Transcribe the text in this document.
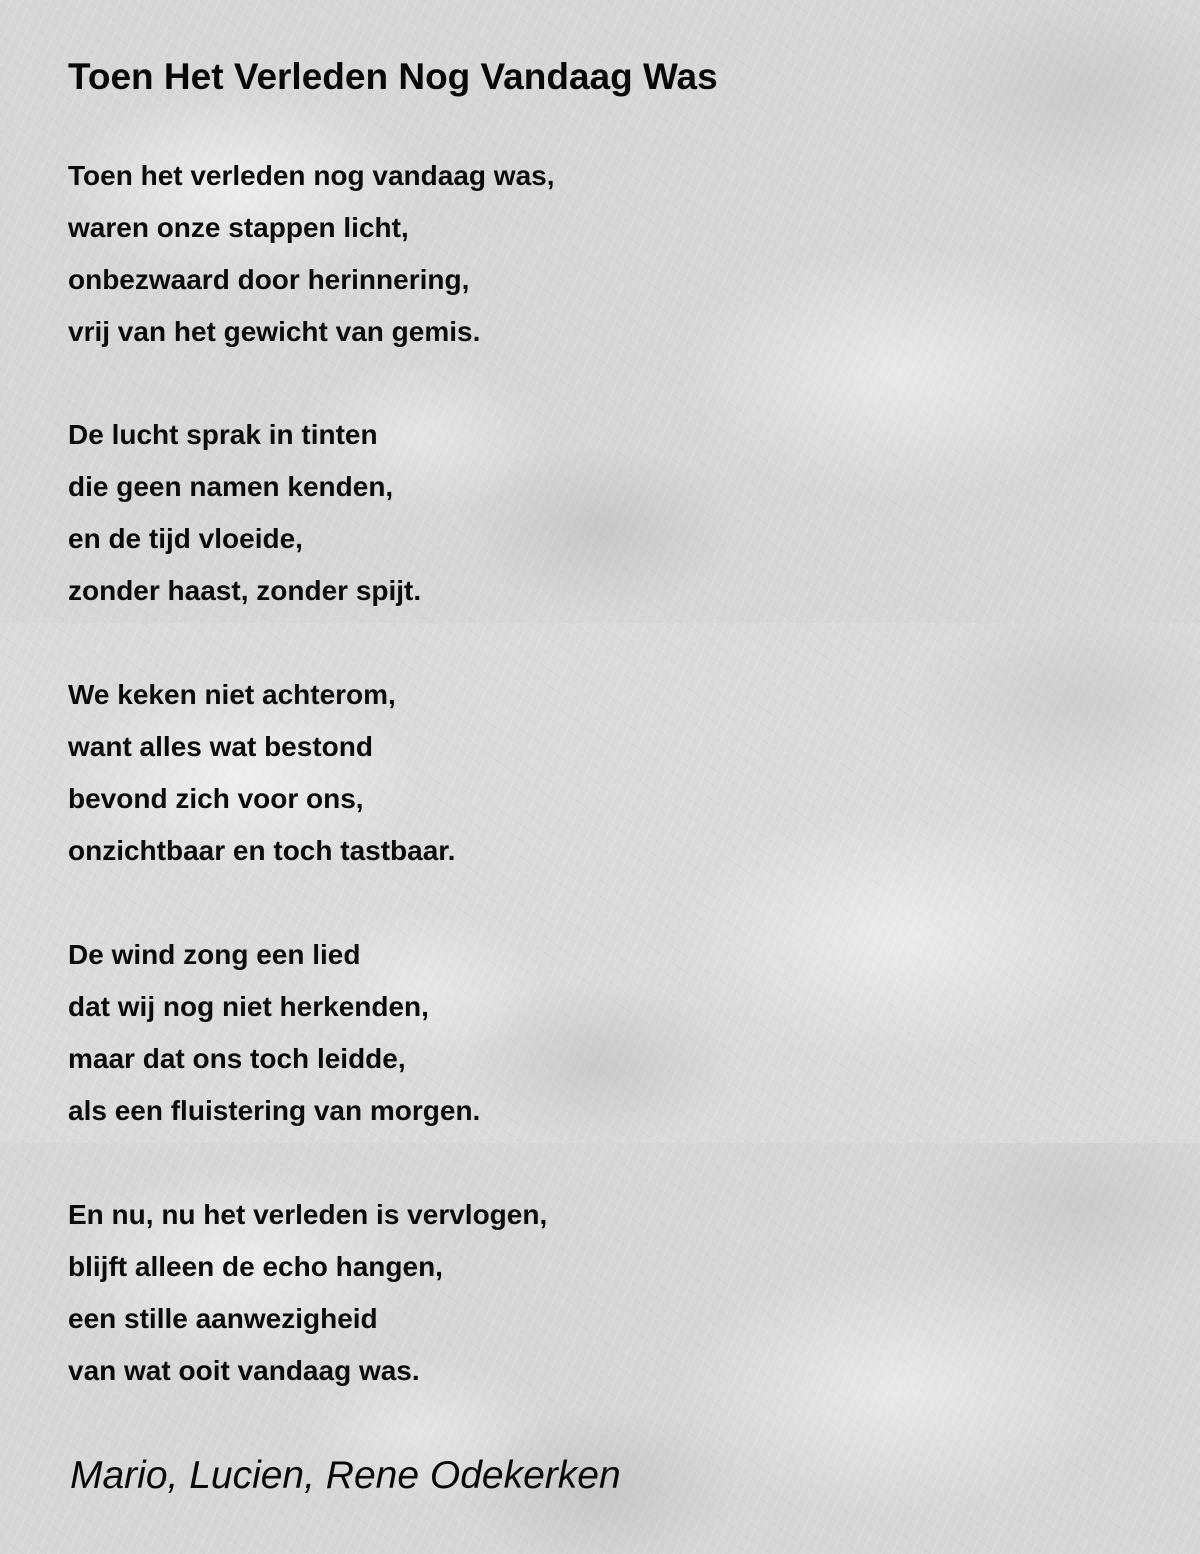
Toen Het Verleden Nog Vandaag Was
Toen het verleden nog vandaag was,
waren onze stappen licht,
onbezwaard door herinnering,
vrij van het gewicht van gemis.
De lucht sprak in tinten
die geen namen kenden,
en de tijd vloeide,
zonder haast, zonder spijt.
We keken niet achterom,
want alles wat bestond
bevond zich voor ons,
onzichtbaar en toch tastbaar.
De wind zong een lied
dat wij nog niet herkenden,
maar dat ons toch leidde,
als een fluistering van morgen.
En nu, nu het verleden is vervlogen,
blijft alleen de echo hangen,
een stille aanwezigheid
van wat ooit vandaag was.

Mario, Lucien, Rene Odekerken
